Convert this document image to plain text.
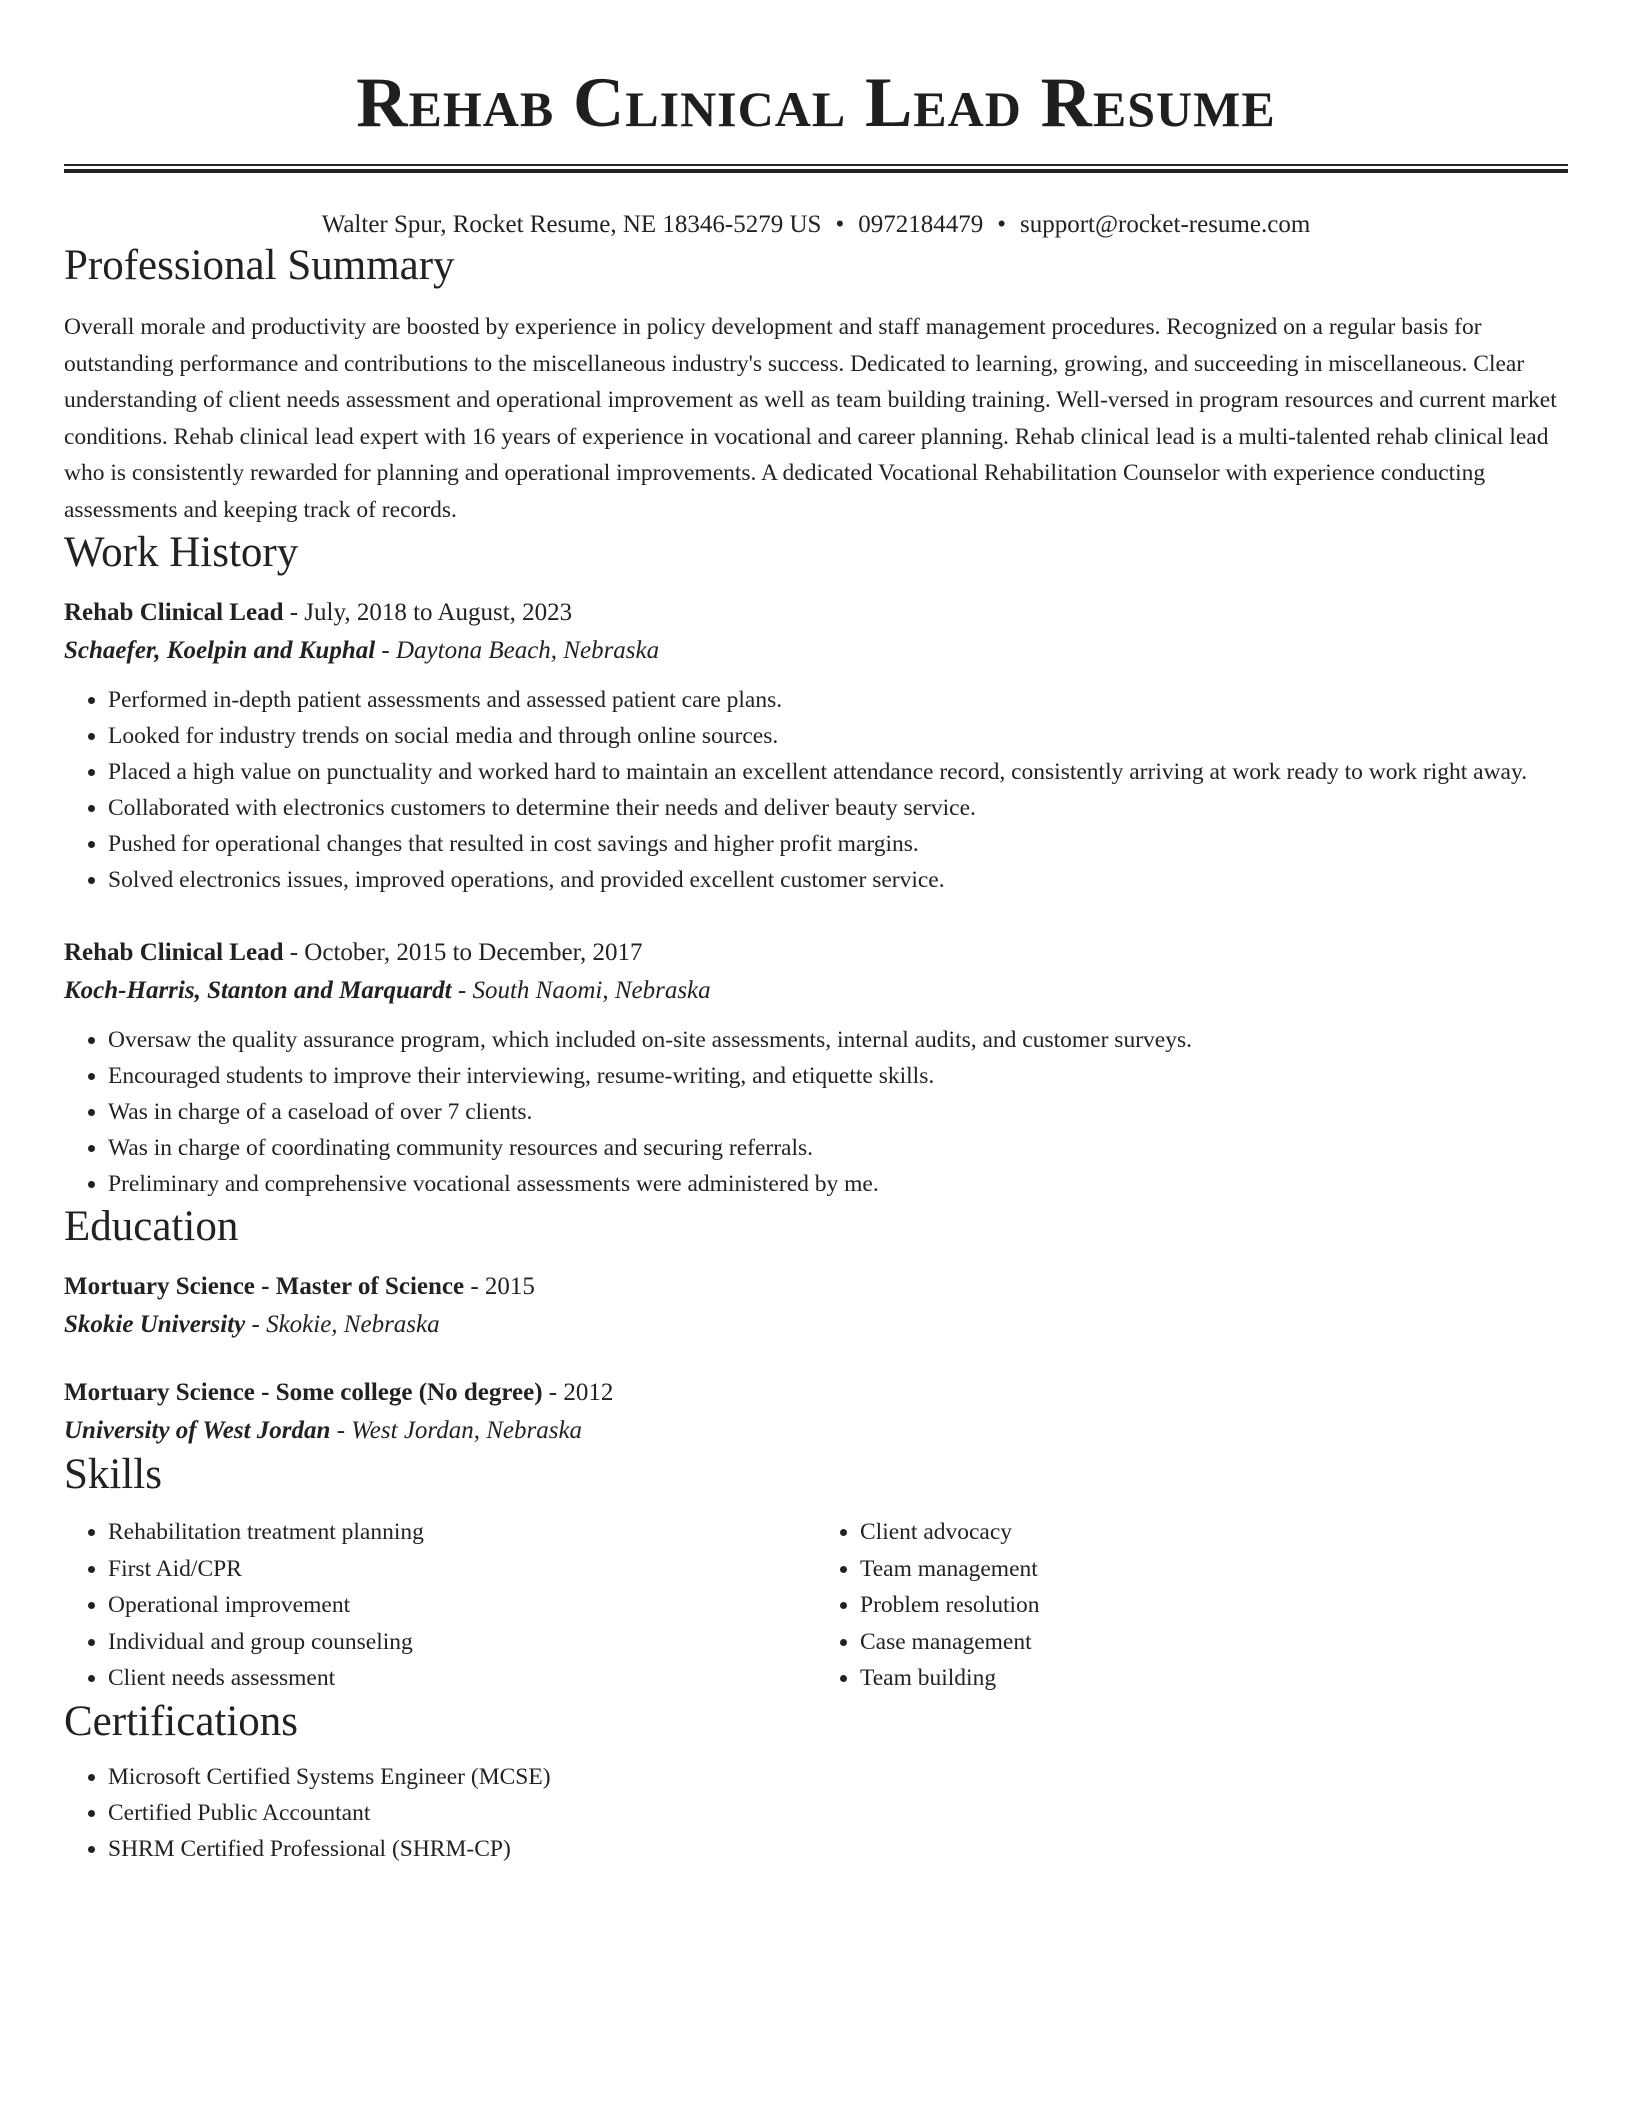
Rehab Clinical Lead Resume
Walter Spur, Rocket Resume, NE 18346-5279 US • 0972184479 • support@rocket-resume.com
Professional Summary

Overall morale and productivity are boosted by experience in policy development and staff management procedures. Recognized on a regular basis for outstanding performance and contributions to the miscellaneous industry's success. Dedicated to learning, growing, and succeeding in miscellaneous. Clear understanding of client needs assessment and operational improvement as well as team building training. Well-versed in program resources and current market conditions. Rehab clinical lead expert with 16 years of experience in vocational and career planning. Rehab clinical lead is a multi-talented rehab clinical lead who is consistently rewarded for planning and operational improvements. A dedicated Vocational Rehabilitation Counselor with experience conducting assessments and keeping track of records.

Work History
Rehab Clinical Lead - July, 2018 to August, 2023
Schaefer, Koelpin and Kuphal - Daytona Beach, Nebraska
• Performed in-depth patient assessments and assessed patient care plans.
• Looked for industry trends on social media and through online sources.
• Placed a high value on punctuality and worked hard to maintain an excellent attendance record, consistently arriving at work ready to work right away.
• Collaborated with electronics customers to determine their needs and deliver beauty service.
• Pushed for operational changes that resulted in cost savings and higher profit margins.
• Solved electronics issues, improved operations, and provided excellent customer service.
Rehab Clinical Lead - October, 2015 to December, 2017
Koch-Harris, Stanton and Marquardt - South Naomi, Nebraska
• Oversaw the quality assurance program, which included on-site assessments, internal audits, and customer surveys.
• Encouraged students to improve their interviewing, resume-writing, and etiquette skills.
• Was in charge of a caseload of over 7 clients.
• Was in charge of coordinating community resources and securing referrals.
• Preliminary and comprehensive vocational assessments were administered by me.
Education
Mortuary Science - Master of Science - 2015
Skokie University - Skokie, Nebraska
Mortuary Science - Some college (No degree) - 2012
University of West Jordan - West Jordan, Nebraska
Skills
• Rehabilitation treatment planning
• First Aid/CPR
• Operational improvement
• Individual and group counseling
• Client needs assessment
• Client advocacy
• Team management
• Problem resolution
• Case management
• Team building
Certifications
• Microsoft Certified Systems Engineer (MCSE)
• Certified Public Accountant
• SHRM Certified Professional (SHRM-CP)
